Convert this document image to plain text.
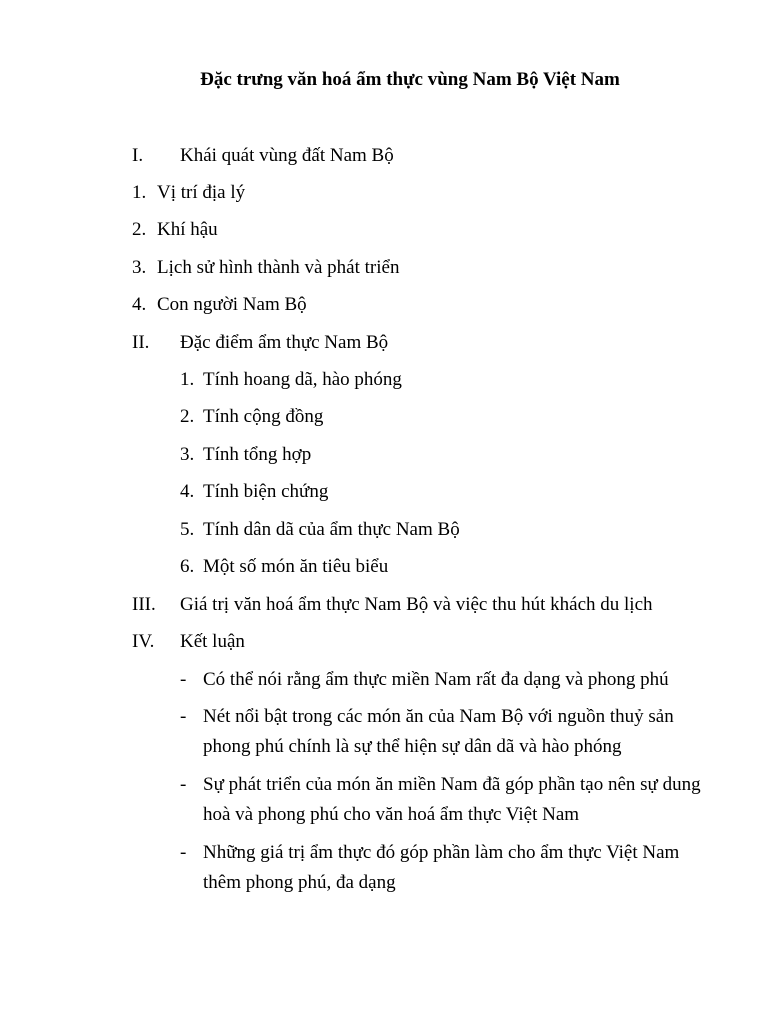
Đặc trưng văn hoá ẩm thực vùng Nam Bộ Việt Nam
I. Khái quát vùng đất Nam Bộ
1. Vị trí địa lý
2. Khí hậu
3. Lịch sử hình thành và phát triển
4. Con người Nam Bộ
II. Đặc điểm ẩm thực Nam Bộ
1. Tính hoang dã, hào phóng
2. Tính cộng đồng
3. Tính tổng hợp
4. Tính biện chứng
5. Tính dân dã của ẩm thực Nam Bộ
6. Một số món ăn tiêu biểu
III. Giá trị văn hoá ẩm thực Nam Bộ và việc thu hút khách du lịch
IV. Kết luận
- Có thể nói rằng ẩm thực miền Nam rất đa dạng và phong phú
- Nét nổi bật trong các món ăn của Nam Bộ với nguồn thuỷ sản phong phú chính là sự thể hiện sự dân dã và hào phóng
- Sự phát triển của món ăn miền Nam đã góp phần tạo nên sự dung hoà và phong phú cho văn hoá ẩm thực Việt Nam
- Những giá trị ẩm thực đó góp phần làm cho ẩm thực Việt Nam thêm phong phú, đa dạng
